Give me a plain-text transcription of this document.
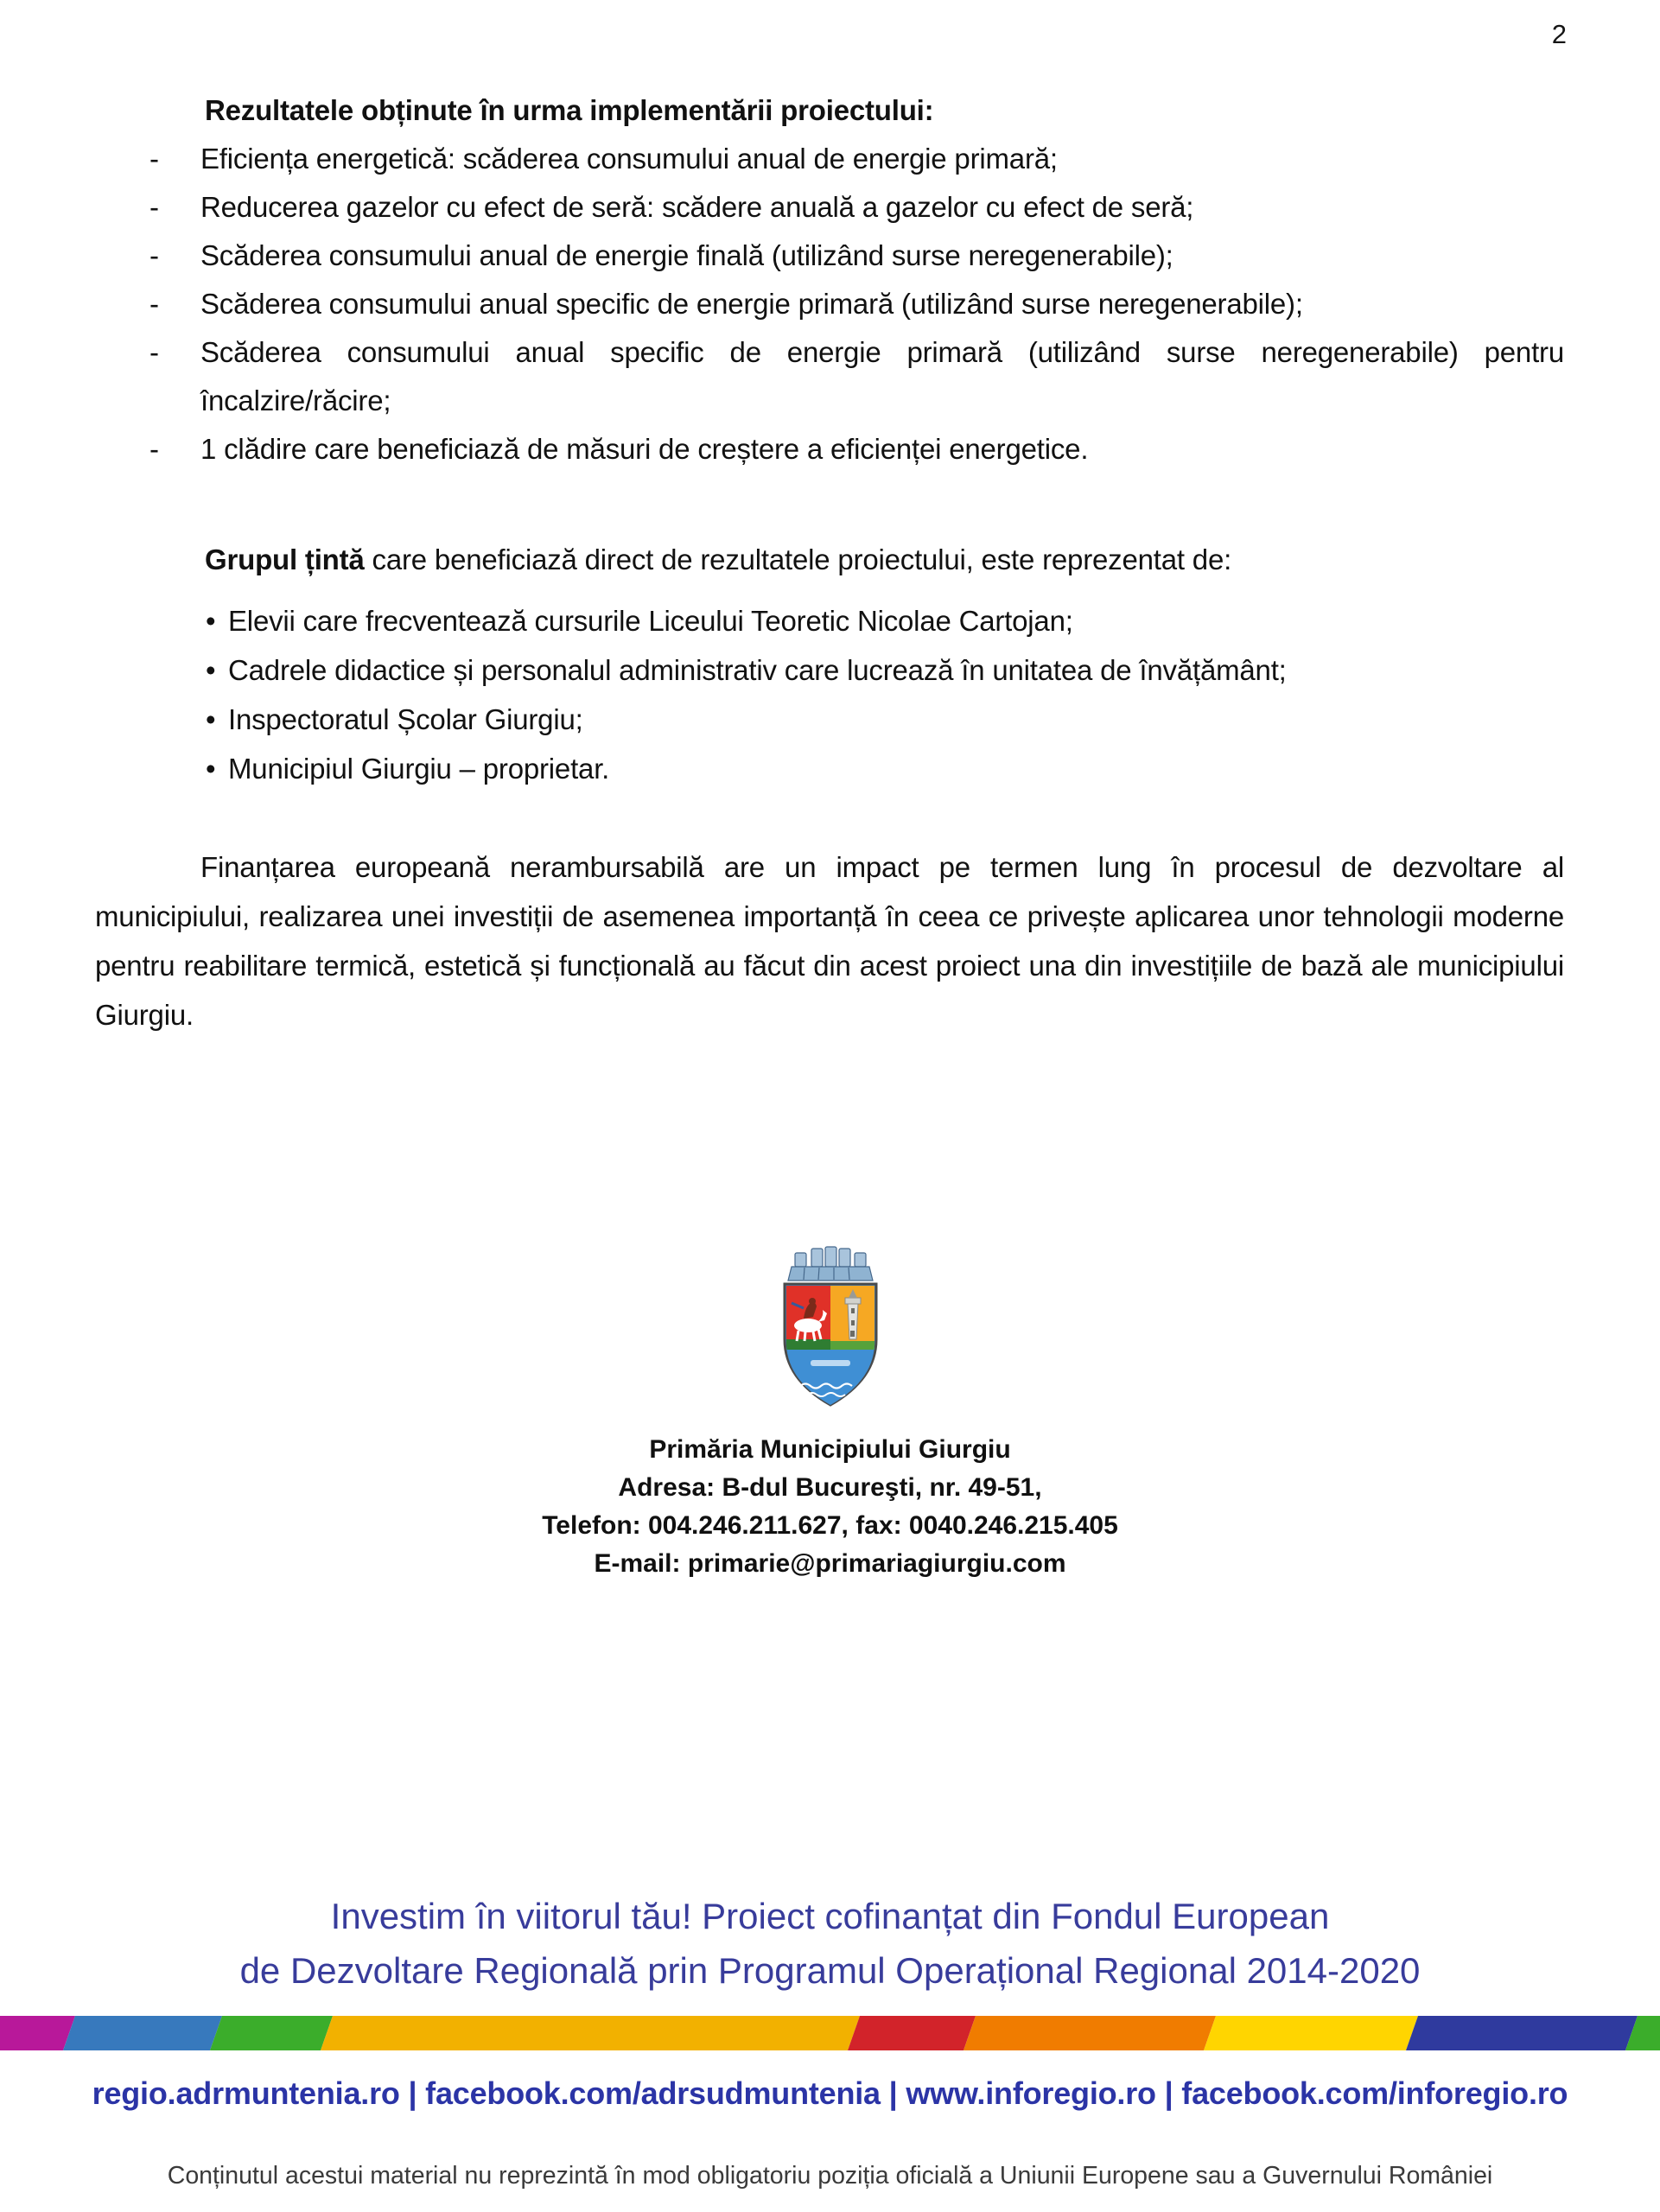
2

Rezultatele obținute în urma implementării proiectului:

-	Eficiența energetică: scăderea consumului anual de energie primară;
-	Reducerea gazelor cu efect de seră: scădere anuală a gazelor cu efect de seră;
-	Scăderea consumului anual de energie finală (utilizând surse neregenerabile);
-	Scăderea consumului anual specific de energie primară (utilizând surse neregenerabile);
-	Scăderea consumului anual specific de energie primară (utilizând surse neregenerabile) pentru încalzire/răcire;
-	1 clădire care beneficiază de măsuri de creștere a eficienței energetice.

Grupul țintă care beneficiază direct de rezultatele proiectului, este reprezentat de:

• Elevii care frecventează cursurile Liceului Teoretic Nicolae Cartojan;
• Cadrele didactice și personalul administrativ care lucrează în unitatea de învățământ;
• Inspectoratul Școlar Giurgiu;
• Municipiul Giurgiu – proprietar.

Finanțarea europeană nerambursabilă are un impact pe termen lung în procesul de dezvoltare al municipiului, realizarea unei investiții de asemenea importanță în ceea ce privește aplicarea unor tehnologii moderne pentru reabilitare termică, estetică și funcțională au făcut din acest proiect una din investițiile de bază ale municipiului Giurgiu.

Primăria Municipiului Giurgiu
Adresa: B-dul Bucureşti, nr. 49-51,
Telefon: 004.246.211.627, fax: 0040.246.215.405
E-mail: primarie@primariagiurgiu.com
Investim în viitorul tău! Proiect cofinanțat din Fondul European
de Dezvoltare Regională prin Programul Operațional Regional 2014-2020
regio.adrmuntenia.ro | facebook.com/adrsudmuntenia | www.inforegio.ro | facebook.com/inforegio.ro
Conținutul acestui material nu reprezintă în mod obligatoriu poziția oficială a Uniunii Europene sau a Guvernului României
